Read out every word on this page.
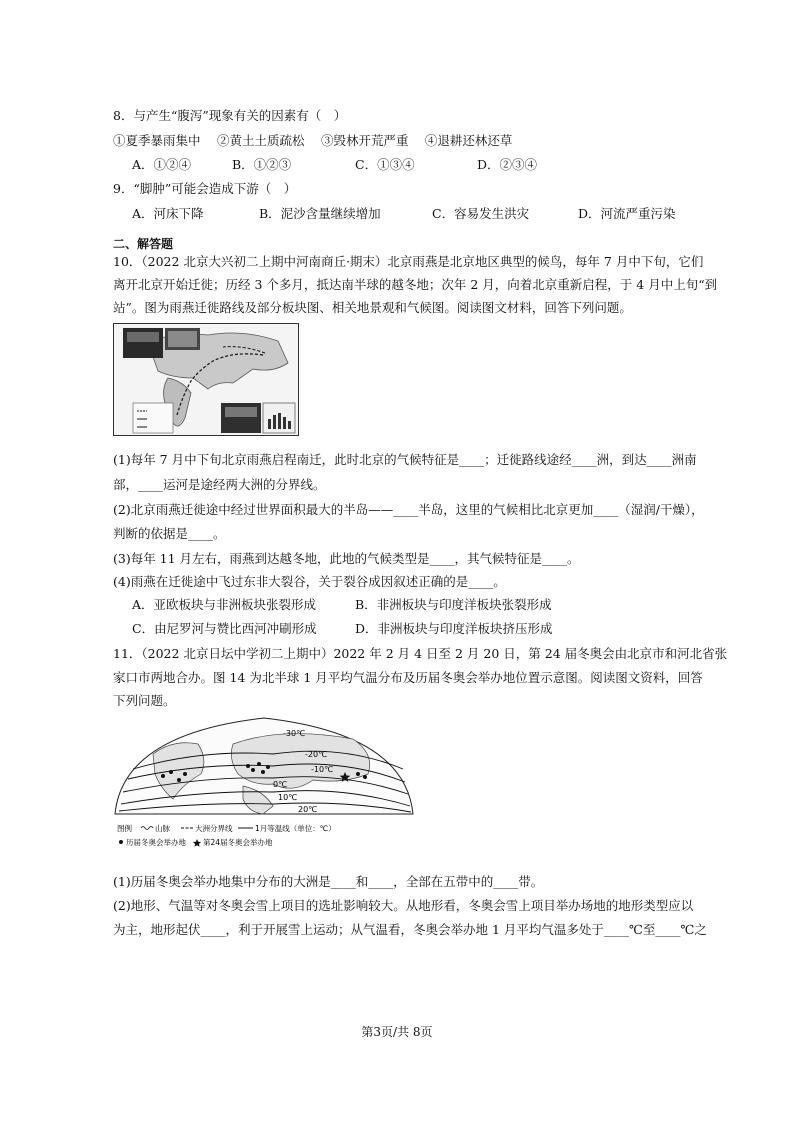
8．与产生“腹泻”现象有关的因素有（　）
①夏季暴雨集中　 ②黄土土质疏松　 ③毁林开荒严重　 ④退耕还林还草
A．①②④	B．①②③	C．①③④	D．②③④
9．“脚肿”可能会造成下游（　）
A．河床下降	B．泥沙含量继续增加	C．容易发生洪灾	D．河流严重污染
二、解答题
10．（2022 北京大兴初二上期中河南商丘·期末）北京雨燕是北京地区典型的候鸟，每年 7 月中下旬，它们
离开北京开始迁徙；历经 3 个多月，抵达南半球的越冬地；次年 2 月，向着北京重新启程，于 4 月中上旬“到
站”。图为雨燕迁徙路线及部分板块图、相关地景观和气候图。阅读图文材料，回答下列问题。
(1)每年 7 月中下旬北京雨燕启程南迁，此时北京的气候特征是____；迁徙路线途经____洲，到达____洲南
部，____运河是途经两大洲的分界线。
(2)北京雨燕迁徙途中经过世界面积最大的半岛——____半岛，这里的气候相比北京更加____（湿润/干燥），
判断的依据是____。
(3)每年 11 月左右，雨燕到达越冬地，此地的气候类型是____，其气候特征是____。
(4)雨燕在迁徙途中飞过东非大裂谷，关于裂谷成因叙述正确的是____。
A．亚欧板块与非洲板块张裂形成	B．非洲板块与印度洋板块张裂形成
C．由尼罗河与赞比西河冲刷形成	D．非洲板块与印度洋板块挤压形成
11．（2022 北京日坛中学初二上期中）2022 年 2 月 4 日至 2 月 20 日，第 24 届冬奥会由北京市和河北省张
家口市两地合办。图 14 为北半球 1 月平均气温分布及历届冬奥会举办地位置示意图。阅读图文资料，回答
下列问题。
-30℃
-20℃
-10℃
0℃
10℃
20℃
图例	山脉	大洲分界线	1月等温线（单位：℃）
历届冬奥会举办地 第24届冬奥会举办地
(1)历届冬奥会举办地集中分布的大洲是____和____，全部在五带中的____带。
(2)地形、气温等对冬奥会雪上项目的选址影响较大。从地形看，冬奥会雪上项目举办场地的地形类型应以
为主，地形起伏____，利于开展雪上运动；从气温看，冬奥会举办地 1 月平均气温多处于____℃至____℃之
第3页/共 8页
